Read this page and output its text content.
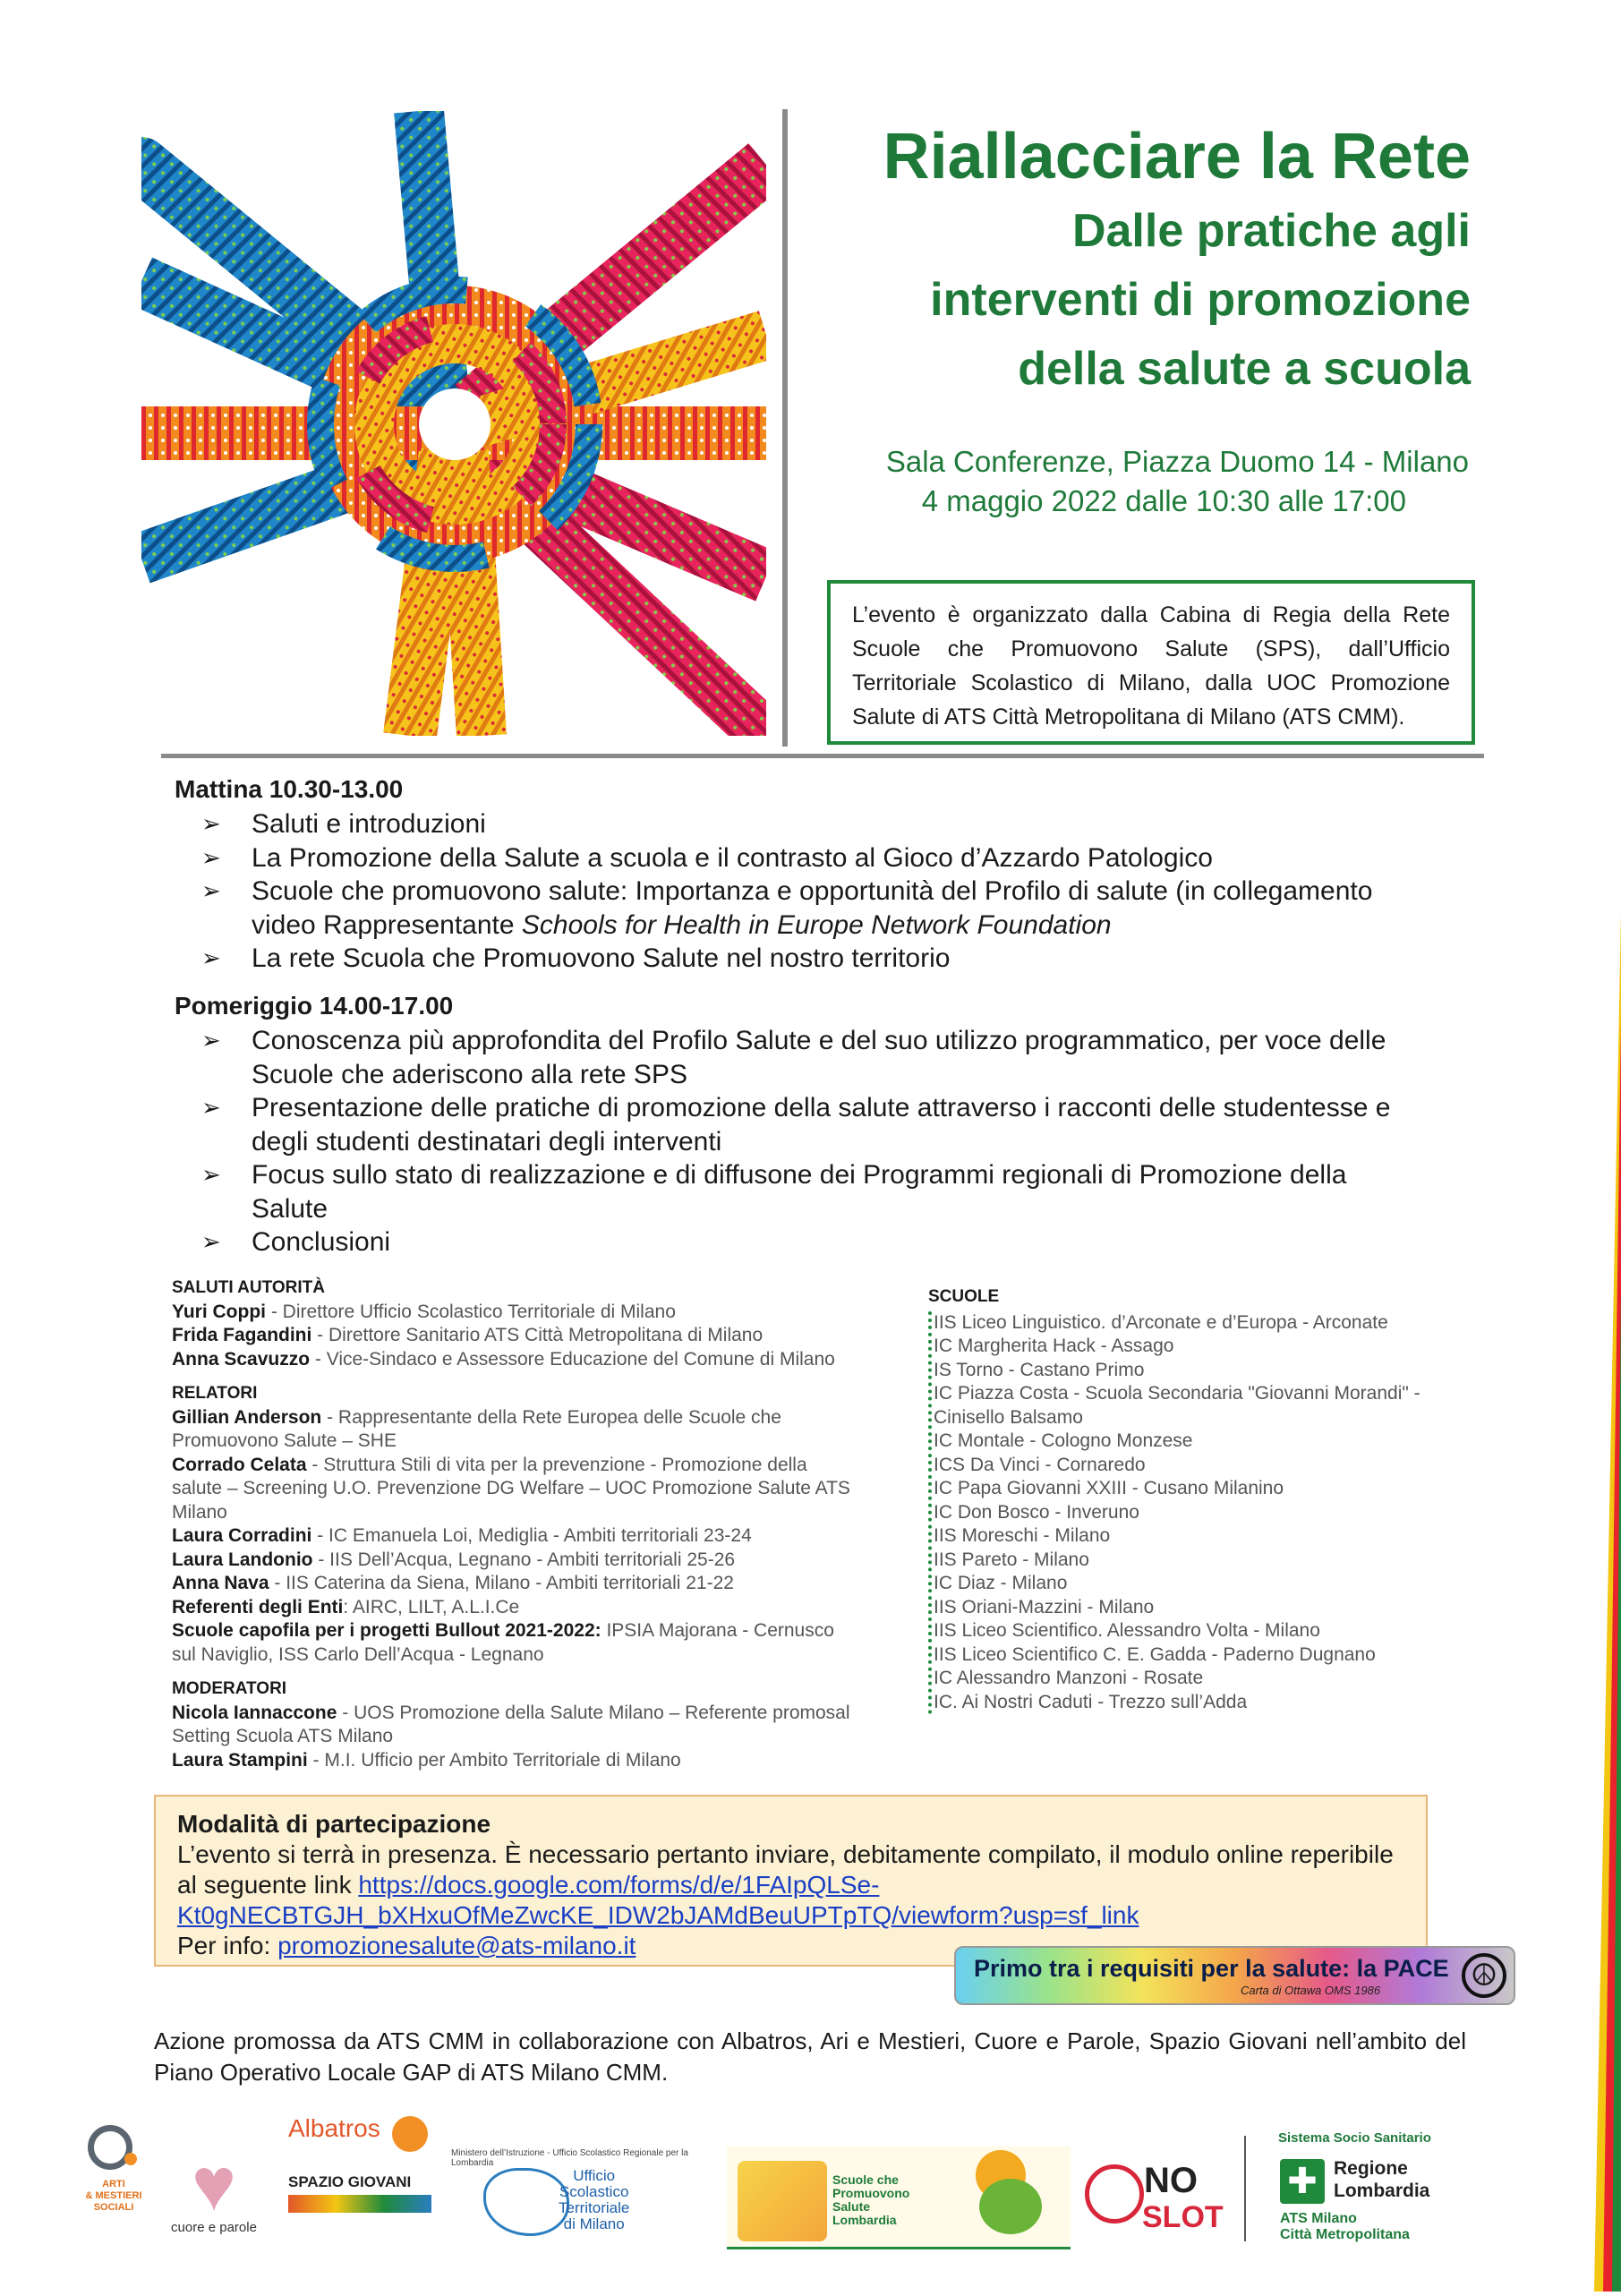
Riallacciare la Rete
Dalle pratiche agli
interventi di promozione
della salute a scuola
Sala Conferenze, Piazza Duomo 14 - Milano
4 maggio 2022 dalle 10:30 alle 17:00
L’evento è organizzato dalla Cabina di Regia della Rete Scuole che Promuovono Salute (SPS), dall’Ufficio Territoriale Scolastico di Milano, dalla UOC Promozione Salute di ATS Città Metropolitana di Milano (ATS CMM).
Mattina 10.30-13.00
➢ Saluti e introduzioni
➢ La Promozione della Salute a scuola e il contrasto al Gioco d’Azzardo Patologico
➢ Scuole che promuovono salute: Importanza e opportunità del Profilo di salute (in collegamento video Rappresentante Schools for Health in Europe Network Foundation
➢ La rete Scuola che Promuovono Salute nel nostro territorio
Pomeriggio 14.00-17.00
➢ Conoscenza più approfondita del Profilo Salute e del suo utilizzo programmatico, per voce delle Scuole che aderiscono alla rete SPS
➢ Presentazione delle pratiche di promozione della salute attraverso i racconti delle studentesse e degli studenti destinatari degli interventi
➢ Focus sullo stato di realizzazione e di diffusone dei Programmi regionali di Promozione della Salute
➢ Conclusioni
SALUTI AUTORITÀ
Yuri Coppi - Direttore Ufficio Scolastico Territoriale di Milano
Frida Fagandini - Direttore Sanitario ATS Città Metropolitana di Milano
Anna Scavuzzo - Vice-Sindaco e Assessore Educazione del Comune di Milano
RELATORI
Gillian Anderson - Rappresentante della Rete Europea delle Scuole che Promuovono Salute – SHE
Corrado Celata - Struttura Stili di vita per la prevenzione - Promozione della salute – Screening U.O. Prevenzione DG Welfare – UOC Promozione Salute ATS Milano
Laura Corradini - IC Emanuela Loi, Mediglia - Ambiti territoriali 23-24
Laura Landonio - IIS Dell’Acqua, Legnano - Ambiti territoriali 25-26
Anna Nava - IIS Caterina da Siena, Milano - Ambiti territoriali 21-22
Referenti degli Enti: AIRC, LILT, A.L.I.Ce
Scuole capofila per i progetti Bullout 2021-2022: IPSIA Majorana - Cernusco sul Naviglio, ISS Carlo Dell’Acqua - Legnano
MODERATORI
Nicola Iannaccone - UOS Promozione della Salute Milano – Referente promosal Setting Scuola ATS Milano
Laura Stampini - M.I. Ufficio per Ambito Territoriale di Milano
SCUOLE
IIS Liceo Linguistico. d’Arconate e d’Europa - Arconate
IC Margherita Hack - Assago
IS Torno - Castano Primo
IC Piazza Costa - Scuola Secondaria "Giovanni Morandi" - Cinisello Balsamo
IC Montale - Cologno Monzese
ICS Da Vinci - Cornaredo
IC Papa Giovanni XXIII - Cusano Milanino
IC Don Bosco - Inveruno
IIS Moreschi - Milano
IIS Pareto - Milano
IC Diaz - Milano
IIS Oriani-Mazzini - Milano
IIS Liceo Scientifico. Alessandro Volta - Milano
IIS Liceo Scientifico C. E. Gadda - Paderno Dugnano
IC Alessandro Manzoni - Rosate
IC. Ai Nostri Caduti - Trezzo sull’Adda
Modalità di partecipazione
L’evento si terrà in presenza. È necessario pertanto inviare, debitamente compilato, il modulo online reperibile al seguente link https://docs.google.com/forms/d/e/1FAIpQLSe-Kt0gNECBTGJH_bXHxuOfMeZwcKE_IDW2bJAMdBeuUPTpTQ/viewform?usp=sf_link
Per info: promozionesalute@ats-milano.it
Primo tra i requisiti per la salute: la PACE
Carta di Ottawa OMS 1986	☮
Azione promossa da ATS CMM in collaborazione con Albatros, Ari e Mestieri, Cuore e Parole, Spazio Giovani nell’ambito del Piano Operativo Locale GAP di ATS Milano CMM.
ARTI
& MESTIERI
SOCIALI ♥
cuore e parole
Albatros
SPAZIO GIOVANI
Ministero dell’Istruzione - Ufficio Scolastico Regionale per la Lombardia
Ufficio
Scolastico
Territoriale
di Milano
Scuole che
Promuovono
Salute
Lombardia
NO
SLOT
Sistema Socio Sanitario
✚ Regione
Lombardia
ATS Milano
Città Metropolitana
